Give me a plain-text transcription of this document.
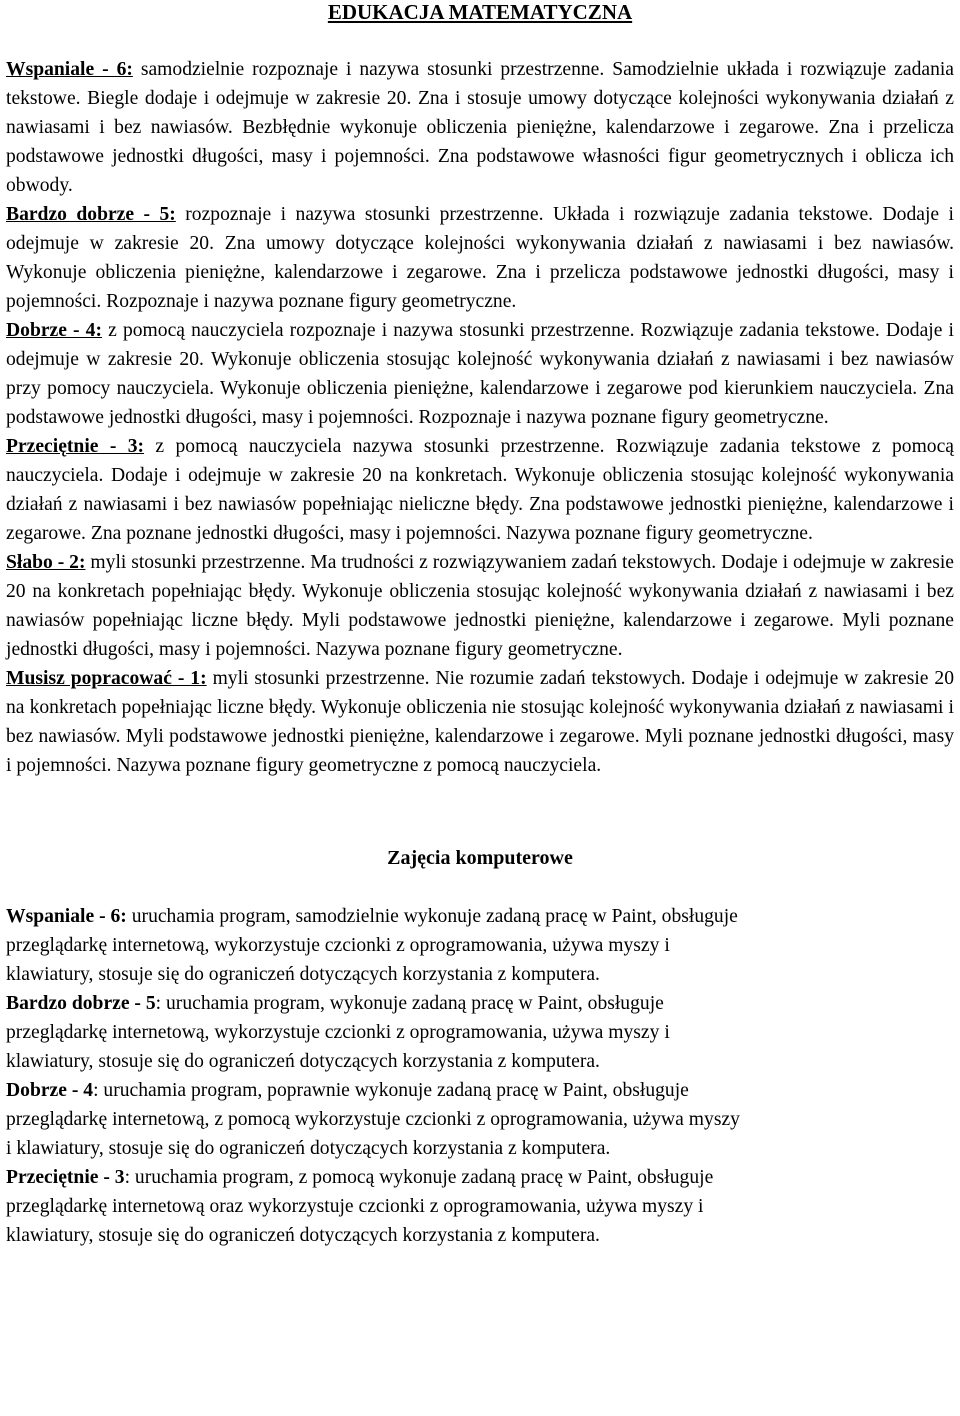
EDUKACJA MATEMATYCZNA

Wspaniale - 6: samodzielnie rozpoznaje i nazywa stosunki przestrzenne. Samodzielnie układa i rozwiązuje zadania tekstowe. Biegle dodaje i odejmuje w zakresie 20. Zna i stosuje umowy dotyczące kolejności wykonywania działań z nawiasami i bez nawiasów. Bezbłędnie wykonuje obliczenia pieniężne, kalendarzowe i zegarowe. Zna i przelicza podstawowe jednostki długości, masy i pojemności. Zna podstawowe własności figur geometrycznych i oblicza ich obwody.

Bardzo dobrze - 5: rozpoznaje i nazywa stosunki przestrzenne. Układa i rozwiązuje zadania tekstowe. Dodaje i odejmuje w zakresie 20. Zna umowy dotyczące kolejności wykonywania działań z nawiasami i bez nawiasów. Wykonuje obliczenia pieniężne, kalendarzowe i zegarowe. Zna i przelicza podstawowe jednostki długości, masy i pojemności. Rozpoznaje i nazywa poznane figury geometryczne.

Dobrze - 4: z pomocą nauczyciela rozpoznaje i nazywa stosunki przestrzenne. Rozwiązuje zadania tekstowe. Dodaje i odejmuje w zakresie 20. Wykonuje obliczenia stosując kolejność wykonywania działań z nawiasami i bez nawiasów przy pomocy nauczyciela. Wykonuje obliczenia pieniężne, kalendarzowe i zegarowe pod kierunkiem nauczyciela. Zna podstawowe jednostki długości, masy i pojemności. Rozpoznaje i nazywa poznane figury geometryczne.

Przeciętnie - 3: z pomocą nauczyciela nazywa stosunki przestrzenne. Rozwiązuje zadania tekstowe z pomocą nauczyciela. Dodaje i odejmuje w zakresie 20 na konkretach. Wykonuje obliczenia stosując kolejność wykonywania działań z nawiasami i bez nawiasów popełniając nieliczne błędy. Zna podstawowe jednostki pieniężne, kalendarzowe i zegarowe. Zna poznane jednostki długości, masy i pojemności. Nazywa poznane figury geometryczne.

Słabo - 2: myli stosunki przestrzenne. Ma trudności z rozwiązywaniem zadań tekstowych. Dodaje i odejmuje w zakresie 20 na konkretach popełniając błędy. Wykonuje obliczenia stosując kolejność wykonywania działań z nawiasami i bez nawiasów popełniając liczne błędy. Myli podstawowe jednostki pieniężne, kalendarzowe i zegarowe. Myli poznane jednostki długości, masy i pojemności. Nazywa poznane figury geometryczne.

Musisz popracować - 1: myli stosunki przestrzenne. Nie rozumie zadań tekstowych. Dodaje i odejmuje w zakresie 20 na konkretach popełniając liczne błędy. Wykonuje obliczenia nie stosując kolejność wykonywania działań z nawiasami i bez nawiasów. Myli podstawowe jednostki pieniężne, kalendarzowe i zegarowe. Myli poznane jednostki długości, masy i pojemności. Nazywa poznane figury geometryczne z pomocą nauczyciela.

Zajęcia komputerowe

Wspaniale - 6: uruchamia program, samodzielnie wykonuje zadaną pracę w Paint, obsługuje
przeglądarkę internetową, wykorzystuje czcionki z oprogramowania, używa myszy i
klawiatury, stosuje się do ograniczeń dotyczących korzystania z komputera.

Bardzo dobrze - 5: uruchamia program, wykonuje zadaną pracę w Paint, obsługuje
przeglądarkę internetową, wykorzystuje czcionki z oprogramowania, używa myszy i
klawiatury, stosuje się do ograniczeń dotyczących korzystania z komputera.

Dobrze - 4: uruchamia program, poprawnie wykonuje zadaną pracę w Paint, obsługuje
przeglądarkę internetową, z pomocą wykorzystuje czcionki z oprogramowania, używa myszy
i klawiatury, stosuje się do ograniczeń dotyczących korzystania z komputera.

Przeciętnie - 3: uruchamia program, z pomocą wykonuje zadaną pracę w Paint, obsługuje
przeglądarkę internetową oraz wykorzystuje czcionki z oprogramowania, używa myszy i
klawiatury, stosuje się do ograniczeń dotyczących korzystania z komputera.
